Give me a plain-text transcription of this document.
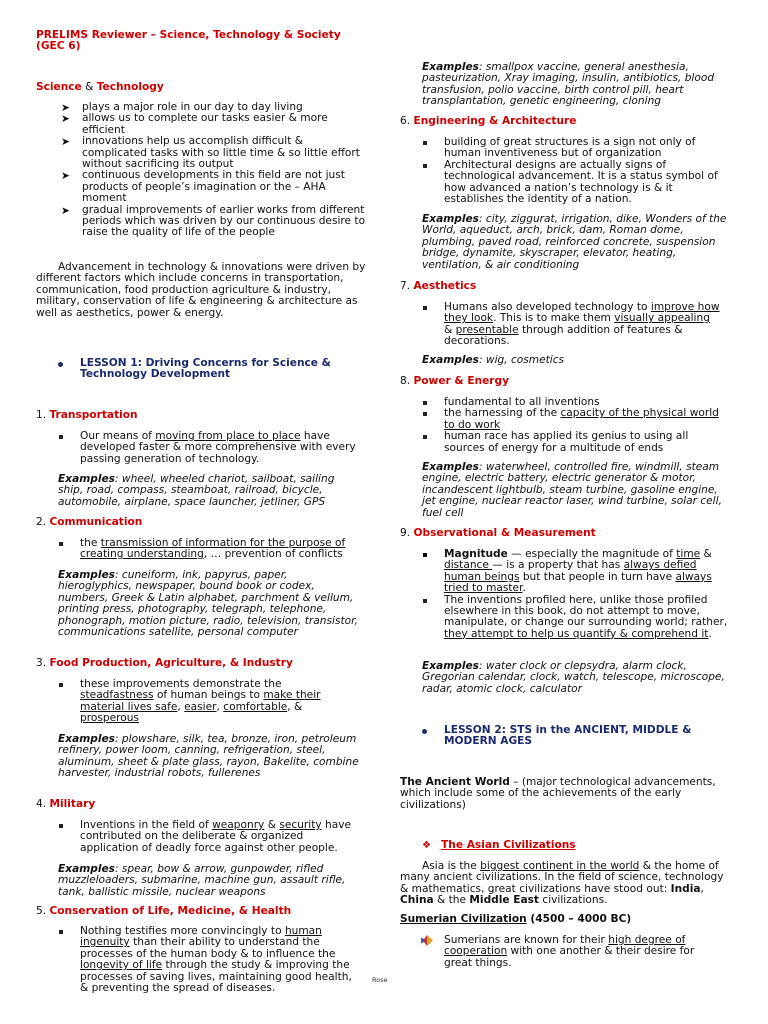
PRELIMS Reviewer – Science, Technology & Society (GEC 6)

Science & Technology

➤ plays a major role in our day to day living
➤ allows us to complete our tasks easier & more efficient
➤ innovations help us accomplish difficult & complicated tasks with so little time & so little effort without sacrificing its output
➤ continuous developments in this field are not just products of people’s imagination or the – AHA moment
➤ gradual improvements of earlier works from different periods which was driven by our continuous desire to raise the quality of life of the people

Advancement in technology & innovations were driven by different factors which include concerns in transportation, communication, food production agriculture & industry, military, conservation of life & engineering & architecture as well as aesthetics, power & energy.

LESSON 1: Driving Concerns for Science & Technology Development

1. Transportation

Our means of moving from place to place have developed faster & more comprehensive with every passing generation of technology.

Examples: wheel, wheeled chariot, sailboat, sailing ship, road, compass, steamboat, railroad, bicycle, automobile, airplane, space launcher, jetliner, GPS

2. Communication

the transmission of information for the purpose of creating understanding, … prevention of conflicts

Examples: cuneiform, ink, papyrus, paper, hieroglyphics, newspaper, bound book or codex, numbers, Greek & Latin alphabet, parchment & vellum, printing press, photography, telegraph, telephone, phonograph, motion picture, radio, television, transistor, communications satellite, personal computer

3. Food Production, Agriculture, & Industry

these improvements demonstrate the steadfastness of human beings to make their material lives safe, easier, comfortable, & prosperous

Examples: plowshare, silk, tea, bronze, iron, petroleum refinery, power loom, canning, refrigeration, steel, aluminum, sheet & plate glass, rayon, Bakelite, combine harvester, industrial robots, fullerenes

4. Military

Inventions in the field of weaponry & security have contributed on the deliberate & organized application of deadly force against other people.

Examples: spear, bow & arrow, gunpowder, rifled muzzleloaders, submarine, machine gun, assault rifle, tank, ballistic missile, nuclear weapons

5. Conservation of Life, Medicine, & Health

Nothing testifies more convincingly to human ingenuity than their ability to understand the processes of the human body & to influence the longevity of life through the study & improving the processes of saving lives, maintaining good health, & preventing the spread of diseases.

Examples: smallpox vaccine, general anesthesia, pasteurization, Xray imaging, insulin, antibiotics, blood transfusion, polio vaccine, birth control pill, heart transplantation, genetic engineering, cloning

6. Engineering & Architecture

building of great structures is a sign not only of human inventiveness but of organization
Architectural designs are actually signs of technological advancement. It is a status symbol of how advanced a nation’s technology is & it establishes the identity of a nation.

Examples: city, ziggurat, irrigation, dike, Wonders of the World, aqueduct, arch, brick, dam, Roman dome, plumbing, paved road, reinforced concrete, suspension bridge, dynamite, skyscraper, elevator, heating, ventilation, & air conditioning

7. Aesthetics

Humans also developed technology to improve how they look. This is to make them visually appealing & presentable through addition of features & decorations.

Examples: wig, cosmetics

8. Power & Energy

fundamental to all inventions
the harnessing of the capacity of the physical world to do work
human race has applied its genius to using all sources of energy for a multitude of ends

Examples: waterwheel, controlled fire, windmill, steam engine, electric battery, electric generator & motor, incandescent lightbulb, steam turbine, gasoline engine, jet engine, nuclear reactor laser, wind turbine, solar cell, fuel cell

9. Observational & Measurement

Magnitude — especially the magnitude of time & distance — is a property that has always defied human beings but that people in turn have always tried to master.
The inventions profiled here, unlike those profiled elsewhere in this book, do not attempt to move, manipulate, or change our surrounding world; rather, they attempt to help us quantify & comprehend it.

Examples: water clock or clepsydra, alarm clock, Gregorian calendar, clock, watch, telescope, microscope, radar, atomic clock, calculator

LESSON 2: STS in the ANCIENT, MIDDLE & MODERN AGES

The Ancient World – (major technological advancements, which include some of the achievements of the early civilizations)

❖ The Asian Civilizations

Asia is the biggest continent in the world & the home of many ancient civilizations. In the field of science, technology & mathematics, great civilizations have stood out: India, China & the Middle East civilizations.

Sumerian Civilization (4500 – 4000 BC)

Sumerians are known for their high degree of cooperation with one another & their desire for great things.
Rose
